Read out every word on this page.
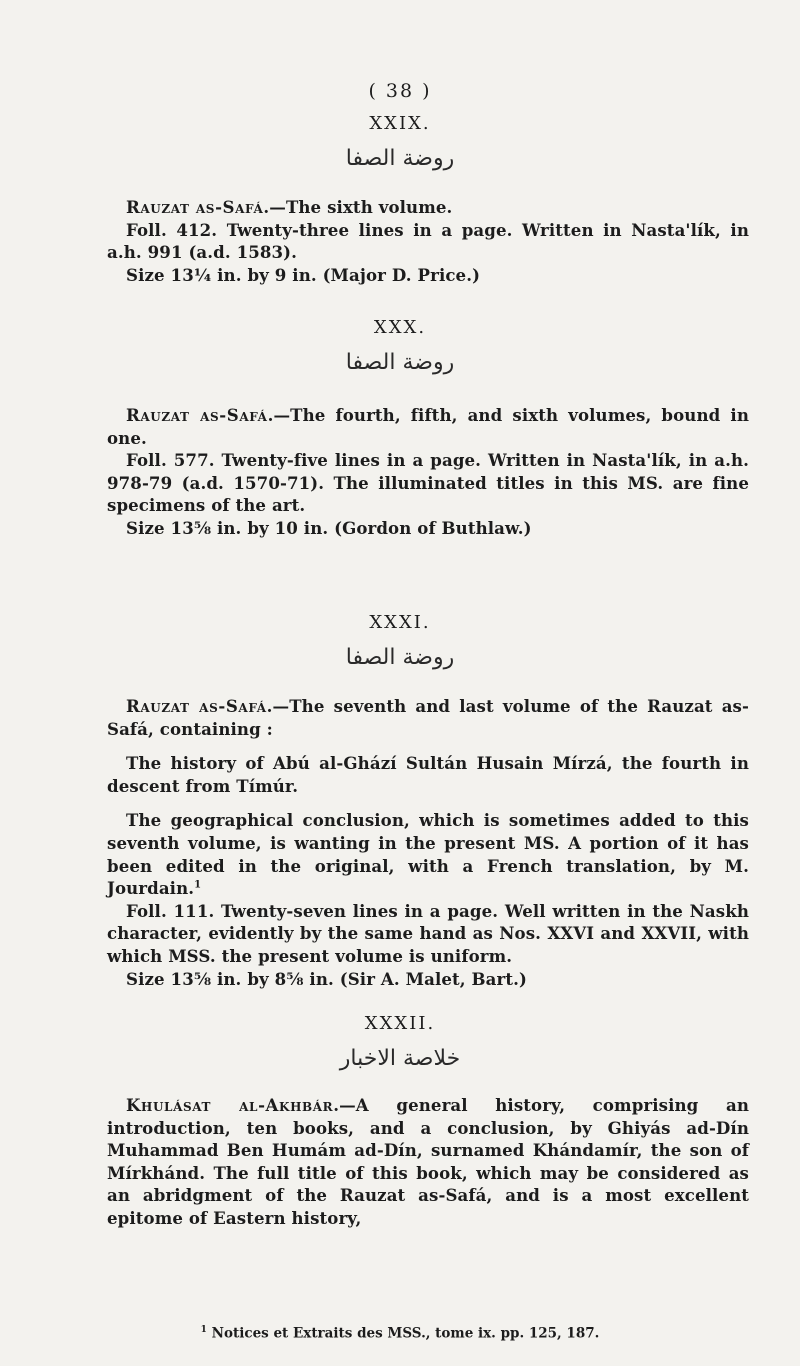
( 38 )
XXIX.
روضة الصفا
Rauzat as-Safá.—The sixth volume.
Foll. 412. Twenty-three lines in a page. Written in Nasta'lík, in a.h. 991 (a.d. 1583).
Size 13¼ in. by 9 in. (Major D. Price.)
XXX.
روضة الصفا
Rauzat as-Safá.—The fourth, fifth, and sixth volumes, bound in one.
Foll. 577. Twenty-five lines in a page. Written in Nasta'lík, in a.h. 978-79 (a.d. 1570-71). The illuminated titles in this MS. are fine specimens of the art.
Size 13⅝ in. by 10 in. (Gordon of Buthlaw.)
XXXI.
روضة الصفا
Rauzat as-Safá.—The seventh and last volume of the Rauzat as-Safá, containing :
The history of Abú al-Ghází Sultán Husain Mírzá, the fourth in descent from Tímúr.
The geographical conclusion, which is sometimes added to this seventh volume, is wanting in the present MS. A portion of it has been edited in the original, with a French translation, by M. Jourdain.$^1$
Foll. 111. Twenty-seven lines in a page. Well written in the Naskh character, evidently by the same hand as Nos. XXVI and XXVII, with which MSS. the present volume is uniform.
Size 13⅝ in. by 8⅝ in. (Sir A. Malet, Bart.)
XXXII.
خلاصة الاخبار
Khulásat al-Akhbár.—A general history, comprising an introduction, ten books, and a conclusion, by Ghiyás ad-Dín Muhammad Ben Humám ad-Dín, surnamed Khándamír, the son of Mírkhánd. The full title of this book, which may be considered as an abridgment of the Rauzat as-Safá, and is a most excellent epitome of Eastern history,
$^1$ Notices et Extraits des MSS., tome ix. pp. 125, 187.
